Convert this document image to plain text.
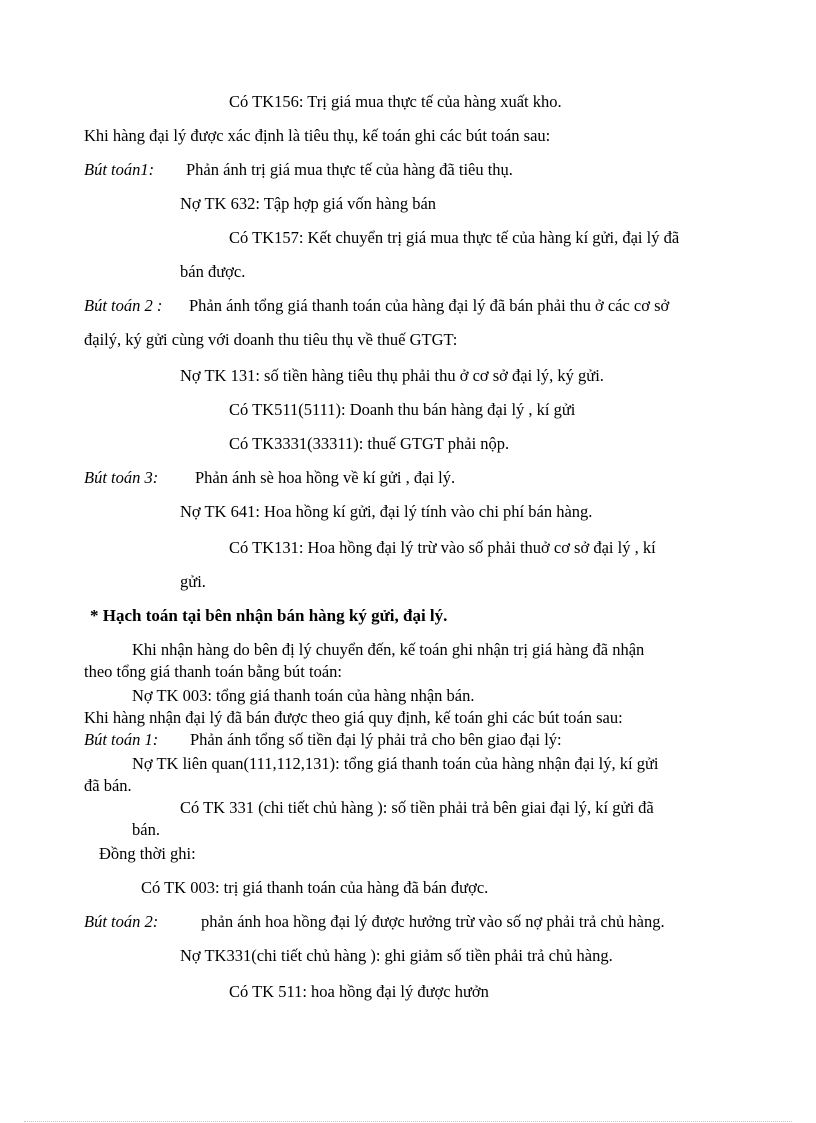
Có TK156: Trị giá mua thực tế của hàng xuất kho.
Khi hàng đại lý được xác định là tiêu thụ, kế toán ghi các bút toán sau:
Bút toán1: Phản ánh trị giá mua thực tế của hàng đã tiêu thụ.
Nợ TK 632: Tập hợp giá vốn hàng bán
Có TK157: Kết chuyển trị giá mua thực tế của hàng kí gửi, đại lý đã
bán được.
Bút toán 2 : Phản ánh tổng giá thanh toán của hàng đại lý đã bán phải thu ở các cơ sở
đạilý, ký gửi cùng với doanh thu tiêu thụ về thuế GTGT:
Nợ TK 131: số tiền hàng tiêu thụ phải thu ở cơ sở đại lý, ký gửi.
Có TK511(5111): Doanh thu bán hàng đại lý , kí gửi
Có TK3331(33311): thuế GTGT phải nộp.
Bút toán 3: Phản ánh sè hoa hồng về kí gửi , đại lý.
Nợ TK 641: Hoa hồng kí gửi, đại lý tính vào chi phí bán hàng.
Có TK131: Hoa hồng đại lý trừ vào số phải thuở cơ sở đại lý , kí
gửi.
* Hạch toán tại bên nhận bán hàng ký gửi, đại lý.
Khi nhận hàng do bên đị lý chuyển đến, kế toán ghi nhận trị giá hàng đã nhận
theo tổng giá thanh toán bằng bút toán:
Nợ TK 003: tổng giá thanh toán của hàng nhận bán.
Khi hàng nhận đại lý đã bán được theo giá quy định, kế toán ghi các bút toán sau:
Bút toán 1: Phản ánh tổng số tiền đại lý phải trả cho bên giao đại lý:
Nợ TK liên quan(111,112,131): tổng giá thanh toán của hàng nhận đại lý, kí gửi
đã bán.
Có TK 331 (chi tiết chủ hàng ): số tiền phải trả bên giai đại lý, kí gửi đã
bán.
Đồng thời ghi:
Có TK 003: trị giá thanh toán của hàng đã bán được.
Bút toán 2:	phản ánh hoa hồng đại lý được hưởng trừ vào số nợ phải trả chủ hàng.
Nợ TK331(chi tiết chủ hàng ): ghi giảm số tiền phải trả chủ hàng.
Có TK 511: hoa hồng đại lý được hưởn
